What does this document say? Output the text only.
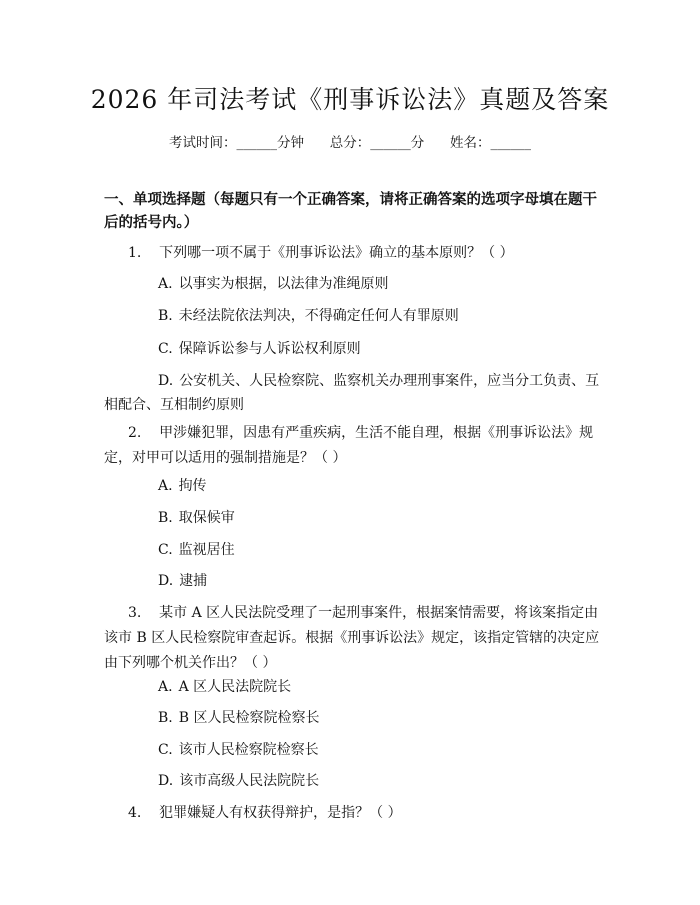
2026 年司法考试《刑事诉讼法》真题及答案
考试时间：______分钟 总分：______分 姓名：______

一、单项选择题（每题只有一个正确答案，请将正确答案的选项字母填在题干后的括号内。）

1. 下列哪一项不属于《刑事诉讼法》确立的基本原则？（ ）

A. 以事实为根据，以法律为准绳原则

B. 未经法院依法判决，不得确定任何人有罪原则

C. 保障诉讼参与人诉讼权利原则

D. 公安机关、人民检察院、监察机关办理刑事案件，应当分工负责、互相配合、互相制约原则

2. 甲涉嫌犯罪，因患有严重疾病，生活不能自理，根据《刑事诉讼法》规定，对甲可以适用的强制措施是？（ ）

A. 拘传

B. 取保候审

C. 监视居住

D. 逮捕

3. 某市 A 区人民法院受理了一起刑事案件，根据案情需要，将该案指定由该市 B 区人民检察院审查起诉。根据《刑事诉讼法》规定，该指定管辖的决定应由下列哪个机关作出？（ ）

A. A 区人民法院院长

B. B 区人民检察院检察长

C. 该市人民检察院检察长

D. 该市高级人民法院院长

4. 犯罪嫌疑人有权获得辩护，是指？（ ）
